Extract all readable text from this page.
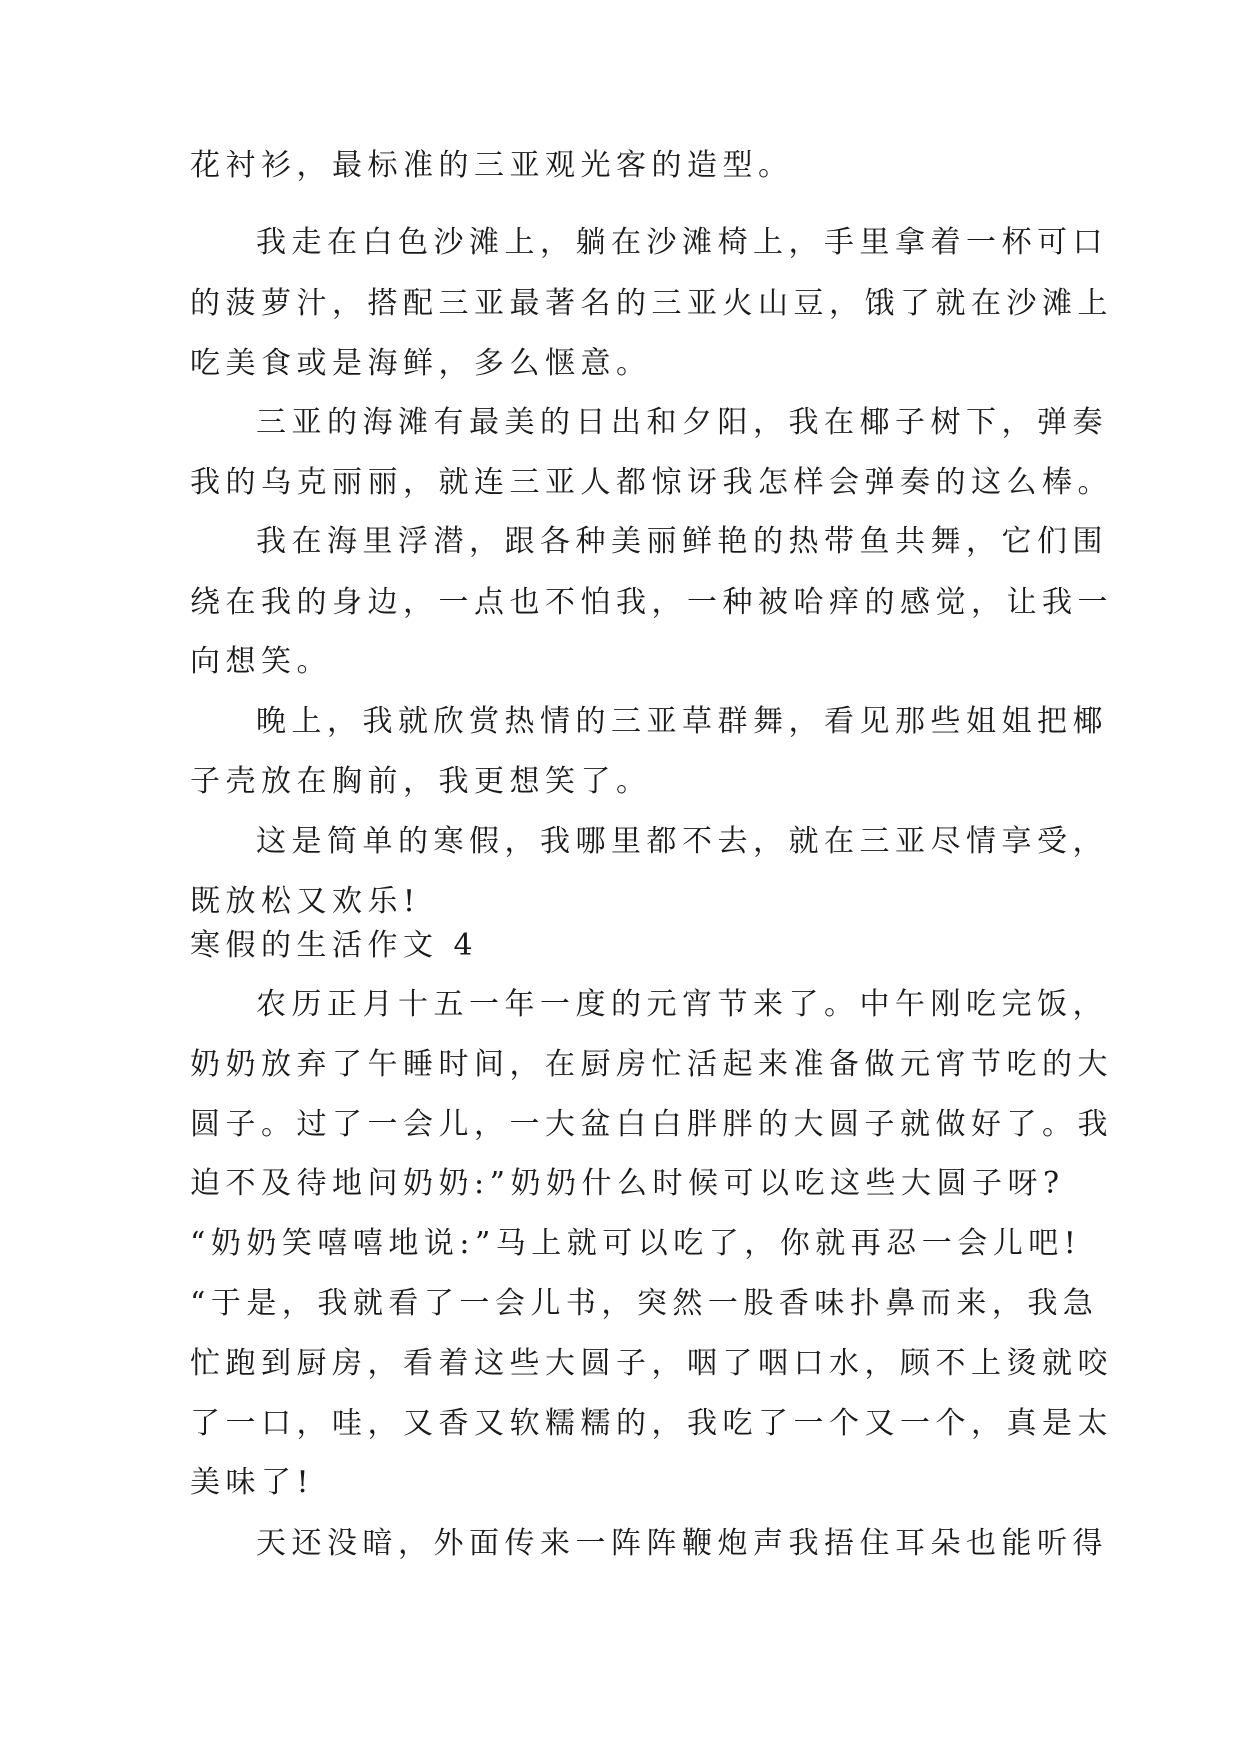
花衬衫，最标准的三亚观光客的造型。
我走在白色沙滩上，躺在沙滩椅上，手里拿着一杯可口
的菠萝汁，搭配三亚最著名的三亚火山豆，饿了就在沙滩上
吃美食或是海鲜，多么惬意。
三亚的海滩有最美的日出和夕阳，我在椰子树下，弹奏
我的乌克丽丽，就连三亚人都惊讶我怎样会弹奏的这么棒。
我在海里浮潜，跟各种美丽鲜艳的热带鱼共舞，它们围
绕在我的身边，一点也不怕我，一种被哈痒的感觉，让我一
向想笑。
晚上，我就欣赏热情的三亚草群舞，看见那些姐姐把椰
子壳放在胸前，我更想笑了。
这是简单的寒假，我哪里都不去，就在三亚尽情享受，
既放松又欢乐!
寒假的生活作文 4
农历正月十五一年一度的元宵节来了。中午刚吃完饭，
奶奶放弃了午睡时间，在厨房忙活起来准备做元宵节吃的大
圆子。过了一会儿，一大盆白白胖胖的大圆子就做好了。我
迫不及待地问奶奶:”奶奶什么时候可以吃这些大圆子呀?
“奶奶笑嘻嘻地说:”马上就可以吃了，你就再忍一会儿吧!
“于是，我就看了一会儿书，突然一股香味扑鼻而来，我急
忙跑到厨房，看着这些大圆子，咽了咽口水，顾不上烫就咬
了一口，哇，又香又软糯糯的，我吃了一个又一个，真是太
美味了!
天还没暗，外面传来一阵阵鞭炮声我捂住耳朵也能听得
